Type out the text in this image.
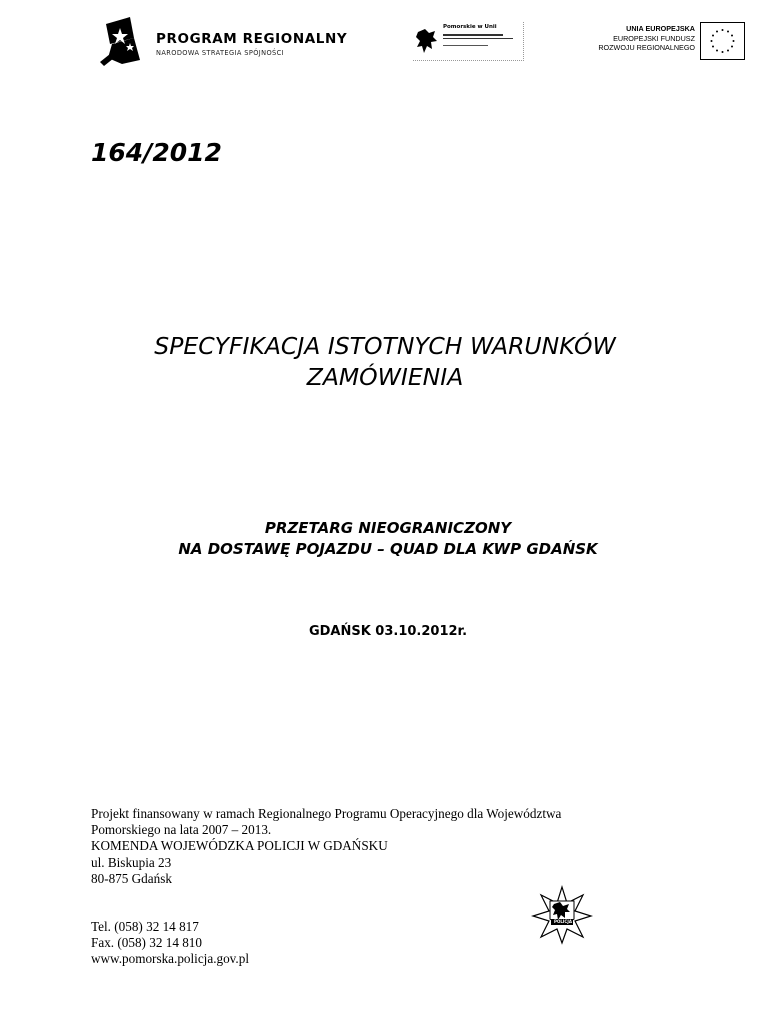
PROGRAM REGIONALNY
NARODOWA STRATEGIA SPÓJNOŚCI
Pomorskie w Unii	UNIA EUROPEJSKA
EUROPEJSKI FUNDUSZ
ROZWOJU REGIONALNEGO
164/2012
SPECYFIKACJA ISTOTNYCH WARUNKÓW
ZAMÓWIENIA
PRZETARG NIEOGRANICZONY
NA DOSTAWĘ POJAZDU – QUAD DLA KWP GDAŃSK
GDAŃSK 03.10.2012r.
Projekt finansowany w ramach Regionalnego Programu Operacyjnego dla Województwa
Pomorskiego na lata 2007 – 2013.
KOMENDA WOJEWÓDZKA POLICJI W GDAŃSKU
ul. Biskupia 23
80-875 Gdańsk
Tel. (058) 32 14 817
Fax. (058) 32 14 810
www.pomorska.policja.gov.pl
POLICJA
